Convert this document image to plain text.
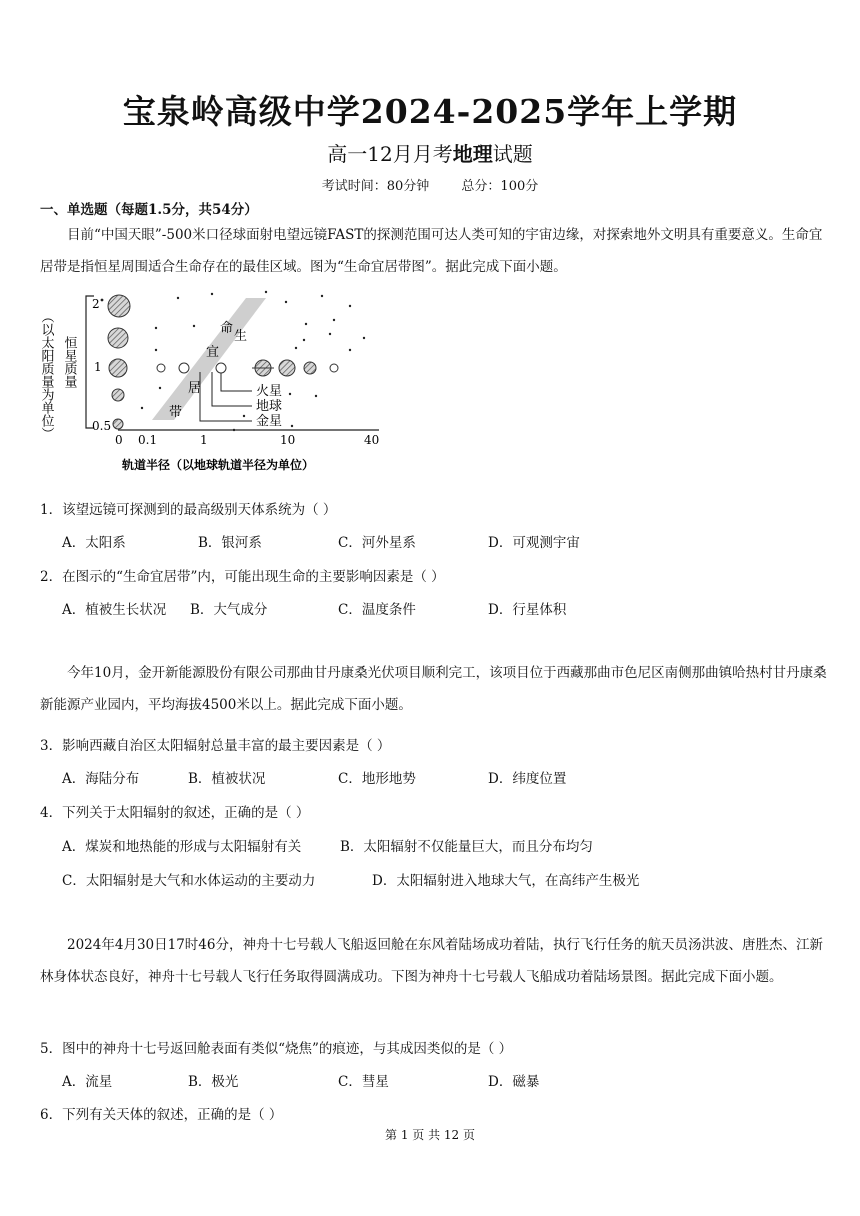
宝泉岭高级中学2024-2025学年上学期
高一12月月考地理试题
考试时间：80分钟 总分：100分
一、单选题（每题1.5分，共54分）
目前“中国天眼”-500米口径球面射电望远镜FAST的探测范围可达人类可知的宇宙边缘，对探索地外文明具有重要意义。生命宜居带是指恒星周围适合生命存在的最佳区域。图为“生命宜居带图”。据此完成下面小题。
（以太阳质量为单位） 恒星质量
2
1
0.5
0 0.1	1	10	40
轨道半径（以地球轨道半径为单位）
生
命
宜
居
带
火星
地球
金星
1．该望远镜可探测到的最高级别天体系统为（ ）
A．太阳系	B．银河系	C．河外星系	D．可观测宇宙
2．在图示的“生命宜居带”内，可能出现生命的主要影响因素是（ ）
A．植被生长状况	B．大气成分	C．温度条件	D．行星体积
今年10月，金开新能源股份有限公司那曲甘丹康桑光伏项目顺利完工，该项目位于西藏那曲市色尼区南侧那曲镇哈热村甘丹康桑新能源产业园内，平均海拔4500米以上。据此完成下面小题。
3．影响西藏自治区太阳辐射总量丰富的最主要因素是（ ）
A．海陆分布	B．植被状况	C．地形地势	D．纬度位置
4．下列关于太阳辐射的叙述，正确的是（ ）
A．煤炭和地热能的形成与太阳辐射有关	B．太阳辐射不仅能量巨大，而且分布均匀
C．太阳辐射是大气和水体运动的主要动力	D．太阳辐射进入地球大气，在高纬产生极光
2024年4月30日17时46分，神舟十七号载人飞船返回舱在东风着陆场成功着陆，执行飞行任务的航天员汤洪波、唐胜杰、江新林身体状态良好，神舟十七号载人飞行任务取得圆满成功。下图为神舟十七号载人飞船成功着陆场景图。据此完成下面小题。
5．图中的神舟十七号返回舱表面有类似“烧焦”的痕迹，与其成因类似的是（ ）
A．流星	B．极光	C．彗星	D．磁暴
6．下列有关天体的叙述，正确的是（ ）
第 1 页 共 12 页
